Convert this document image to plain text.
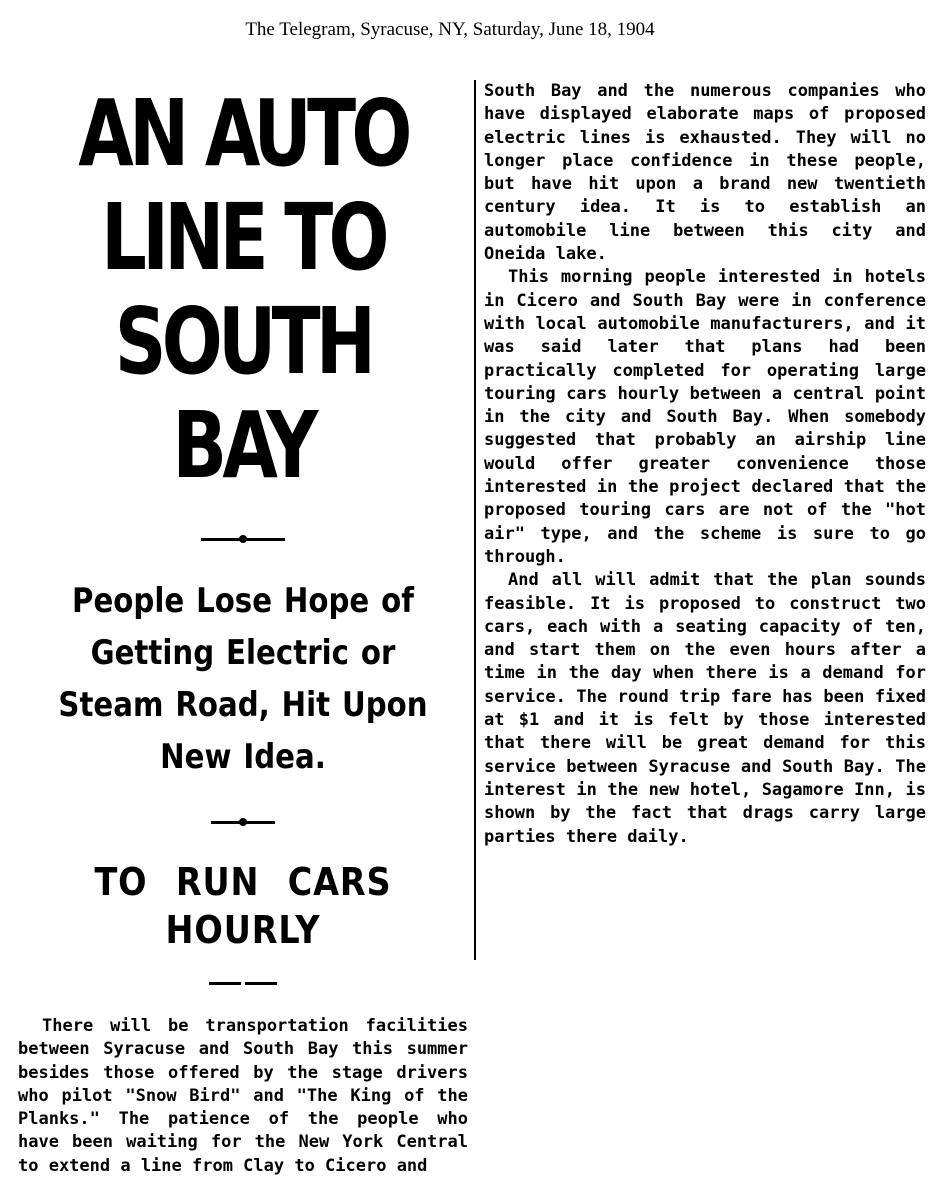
The Telegram, Syracuse, NY, Saturday, June 18, 1904

AN AUTO LINE TO SOUTH BAY
People Lose Hope of Getting Electric or Steam Road, Hit Upon New Idea.
TO RUN CARS HOURLY

There will be transportation facilities between Syracuse and South Bay this summer besides those offered by the stage drivers who pilot "Snow Bird" and "The King of the Planks." The patience of the people who have been waiting for the New York Central to extend a line from Clay to Cicero and

South Bay and the numerous companies who have displayed elaborate maps of proposed electric lines is exhausted. They will no longer place confidence in these people, but have hit upon a brand new twentieth century idea. It is to establish an automobile line between this city and Oneida lake.

This morning people interested in hotels in Cicero and South Bay were in conference with local automobile manufacturers, and it was said later that plans had been practically completed for operating large touring cars hourly between a central point in the city and South Bay. When somebody suggested that probably an airship line would offer greater convenience those interested in the project declared that the proposed touring cars are not of the "hot air" type, and the scheme is sure to go through.

And all will admit that the plan sounds feasible. It is proposed to construct two cars, each with a seating capacity of ten, and start them on the even hours after a time in the day when there is a demand for service. The round trip fare has been fixed at $1 and it is felt by those interested that there will be great demand for this service between Syracuse and South Bay. The interest in the new hotel, Sagamore Inn, is shown by the fact that drags carry large parties there daily.
